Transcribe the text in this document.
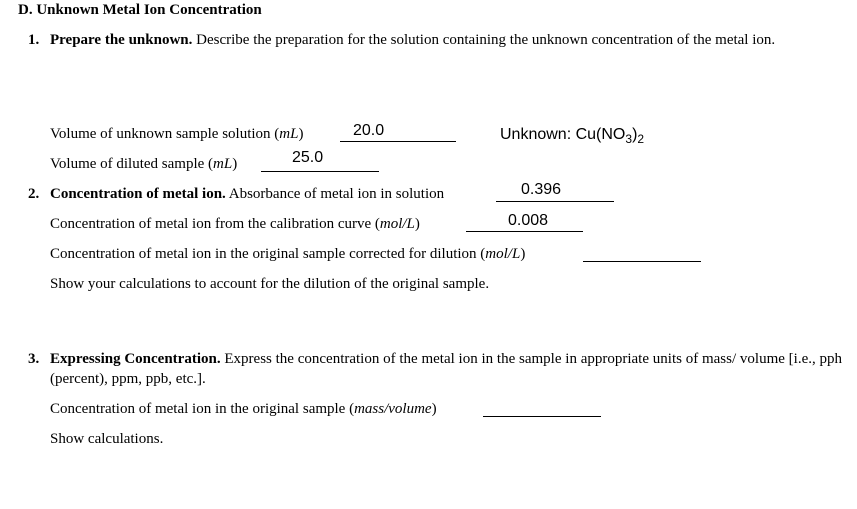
D. Unknown Metal Ion Concentration
1. Prepare the unknown. Describe the preparation for the solution containing the unknown concentration of the metal ion.
Volume of unknown sample solution (mL)	20.0	Unknown: $Cu(NO_3)_2$
Volume of diluted sample (mL)	25.0
2. Concentration of metal ion. Absorbance of metal ion in solution	0.396
Concentration of metal ion from the calibration curve (mol/L)	0.008
Concentration of metal ion in the original sample corrected for dilution (mol/L)
Show your calculations to account for the dilution of the original sample.
3. Expressing Concentration. Express the concentration of the metal ion in the sample in appropriate units of mass/ volume [i.e., pph (percent), ppm, ppb, etc.].
Concentration of metal ion in the original sample (mass/volume)
Show calculations.
